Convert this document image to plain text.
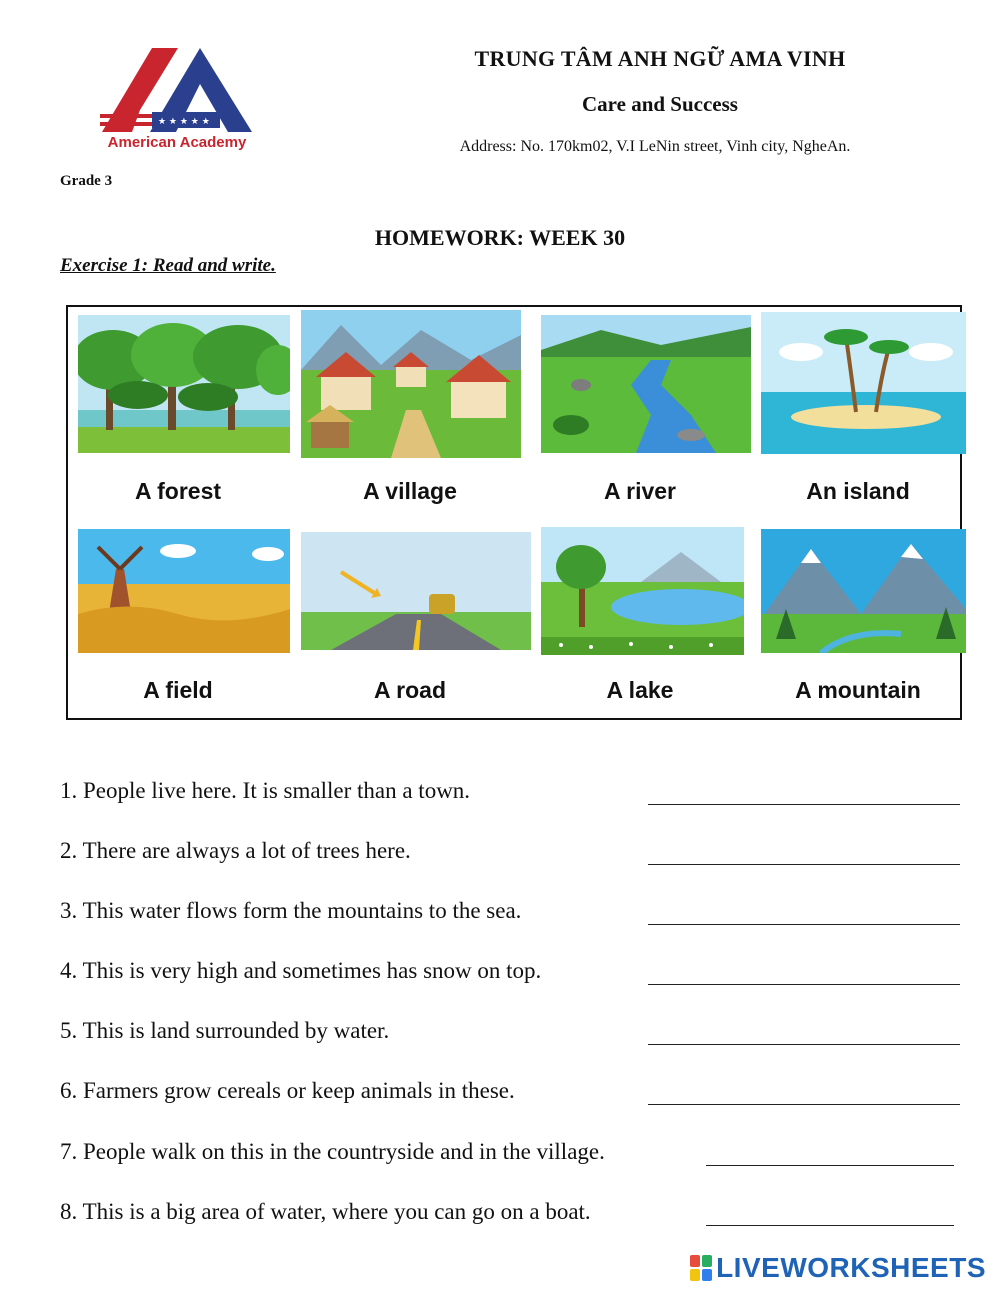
★ ★ ★ ★ ★
American Academy
TRUNG TÂM ANH NGỮ AMA VINH
Care and Success
Address: No. 170km02, V.I LeNin street, Vinh city, NgheAn.
Grade 3
HOMEWORK: WEEK 30
Exercise 1: Read and write.
A forest	A village	A river	An island
A field	A road	A lake	A mountain
1. People live here. It is smaller than a town.
2. There are always a lot of trees here.
3. This water flows form the mountains to the sea.
4. This is very high and sometimes has snow on top.
5. This is land surrounded by water.
6. Farmers grow cereals or keep animals in these.
7. People walk on this in the countryside and in the village.
8. This is a big area of water, where you can go on a boat.
LIVEWORKSHEETS
